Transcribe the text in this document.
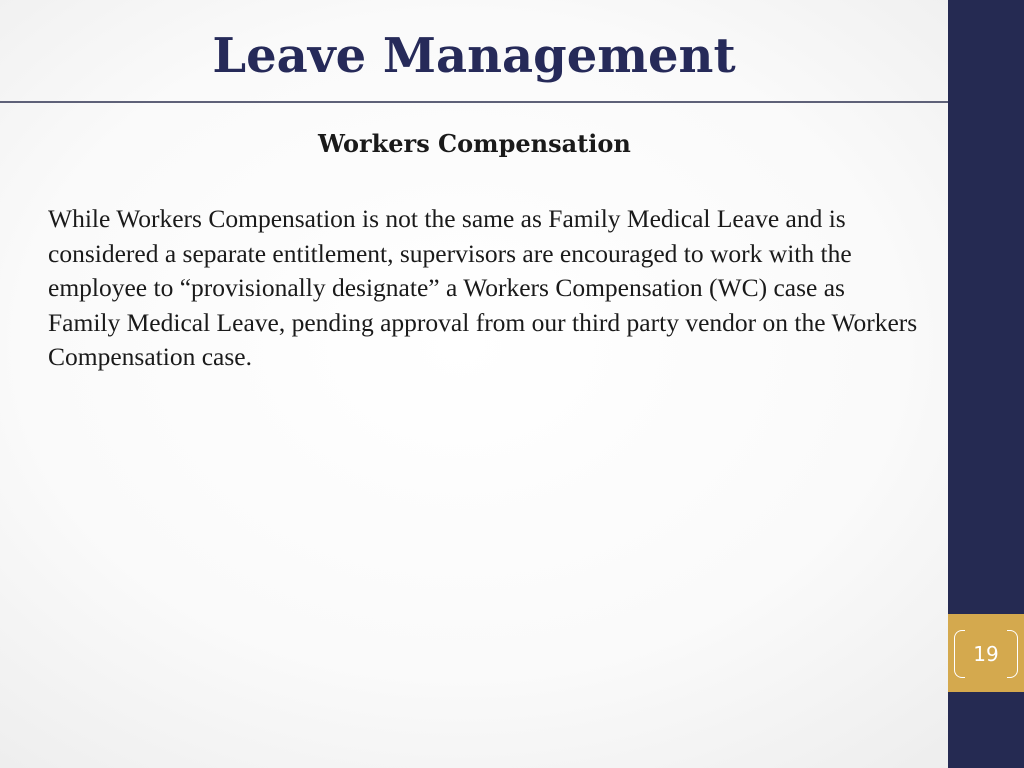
Leave Management
Workers Compensation

While Workers Compensation is not the same as Family Medical Leave and is considered a separate entitlement, supervisors are encouraged to work with the employee to “provisionally designate” a Workers Compensation (WC) case as Family Medical Leave, pending approval from our third party vendor on the Workers Compensation case.

19
